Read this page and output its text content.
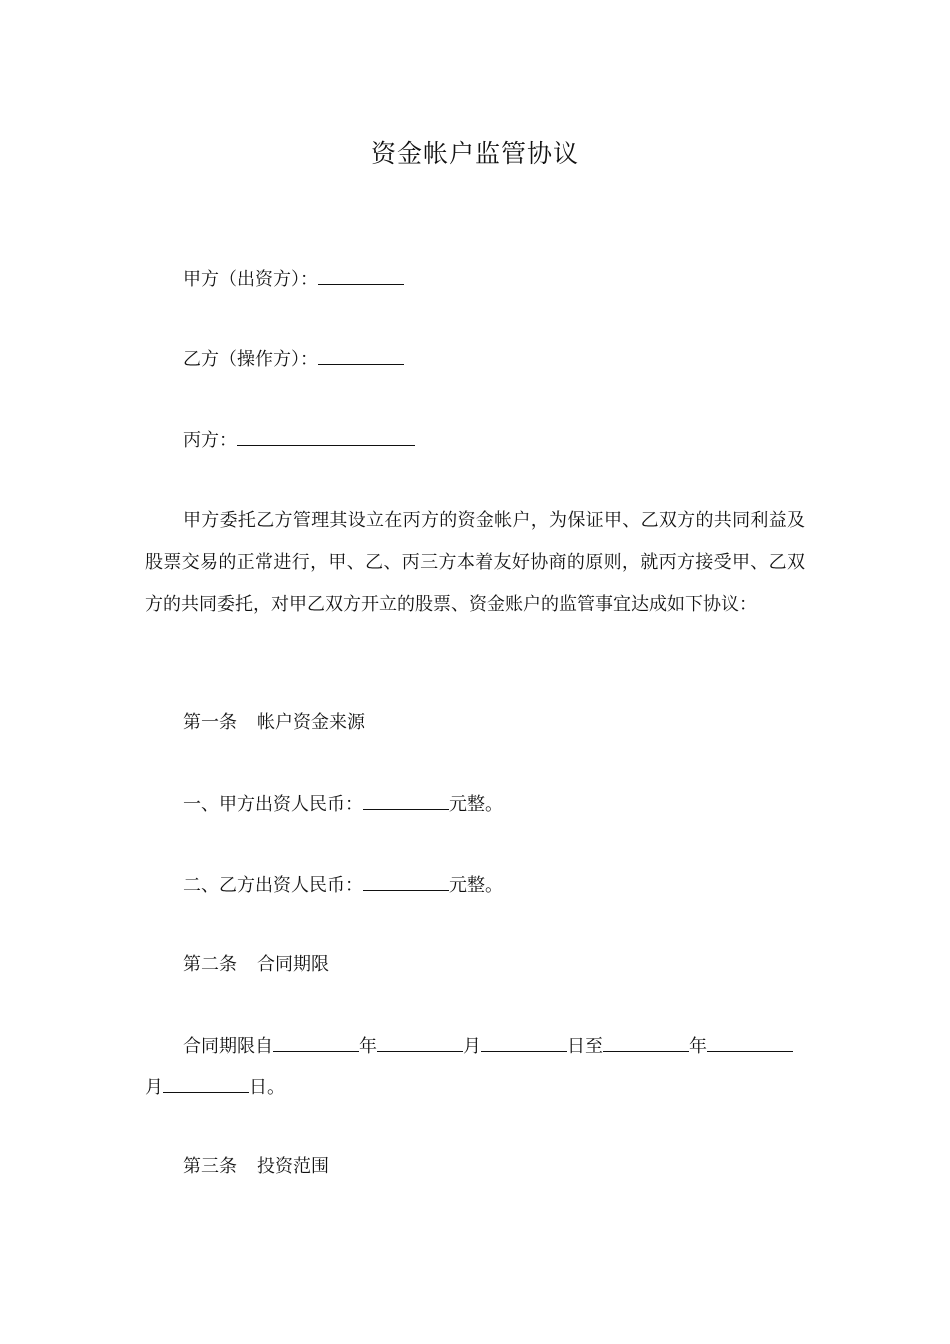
资金帐户监管协议
甲方（出资方）：
乙方（操作方）：
丙方：
甲方委托乙方管理其设立在丙方的资金帐户，为保证甲、乙双方的共同利益及股票交易的正常进行，甲、乙、丙三方本着友好协商的原则，就丙方接受甲、乙双方的共同委托，对甲乙双方开立的股票、资金账户的监管事宜达成如下协议：
第一条 帐户资金来源
一、甲方出资人民币：	元整。
二、乙方出资人民币：	元整。
第二条 合同期限
合同期限自	年	月	日至	年
月	日。
第三条 投资范围
